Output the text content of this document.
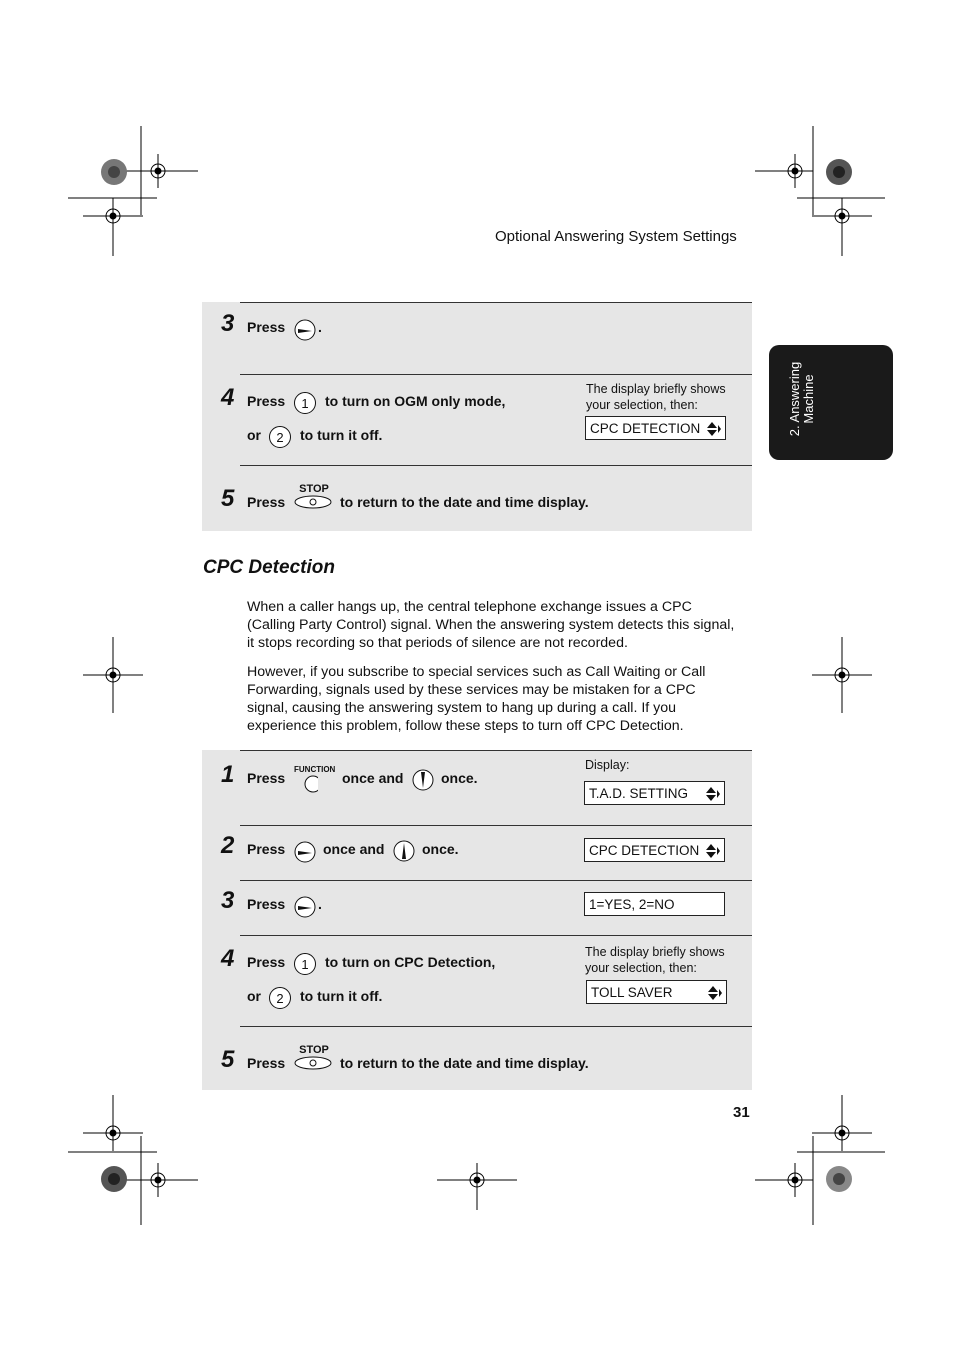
Optional Answering System Settings
2. Answering Machine
3 Press .
4 Press	1	to turn on OGM only mode,
or	2	to turn it off.
The display briefly shows
your selection, then:
CPC DETECTION
5 Press
STOP
to return to the date and time display.
CPC Detection
When a caller hangs up, the central telephone exchange issues a CPC
(Calling Party Control) signal. When the answering system detects this signal,
it stops recording so that periods of silence are not recorded.
However, if you subscribe to special services such as Call Waiting or Call
Forwarding, signals used by these services may be mistaken for a CPC
signal, causing the answering system to hang up during a call. If you
experience this problem, follow these steps to turn off CPC Detection.
1 Press
FUNCTION
once and	once.
Display:
T.A.D. SETTING
2 Press	once and	once.	CPC DETECTION
3 Press .	1=YES, 2=NO
4 Press	1	to turn on CPC Detection,
or	2	to turn it off.
The display briefly shows
your selection, then:
TOLL SAVER
5 Press
STOP
to return to the date and time display.
31
